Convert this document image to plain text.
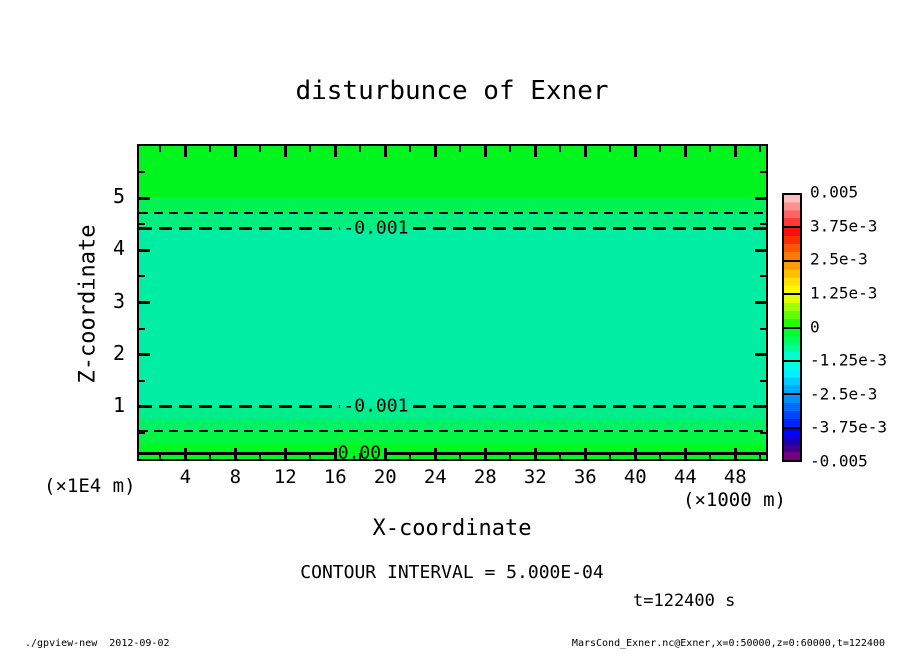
disturbunce of Exner
-0.001
-0.001
0.00
Z-coordinate
(×1E4 m)
(×1000 m)
X-coordinate
CONTOUR INTERVAL = 5.000E-04
t=122400 s
./gpview-new  2012-09-02	MarsCond_Exner.nc@Exner,x=0:50000,z=0:60000,t=122400
4 8 12 16 20 24 28 32 36 40 44 48
1
2
3
4
5	0.005
3.75e-3
2.5e-3
1.25e-3
0
-1.25e-3
-2.5e-3
-3.75e-3
-0.005
